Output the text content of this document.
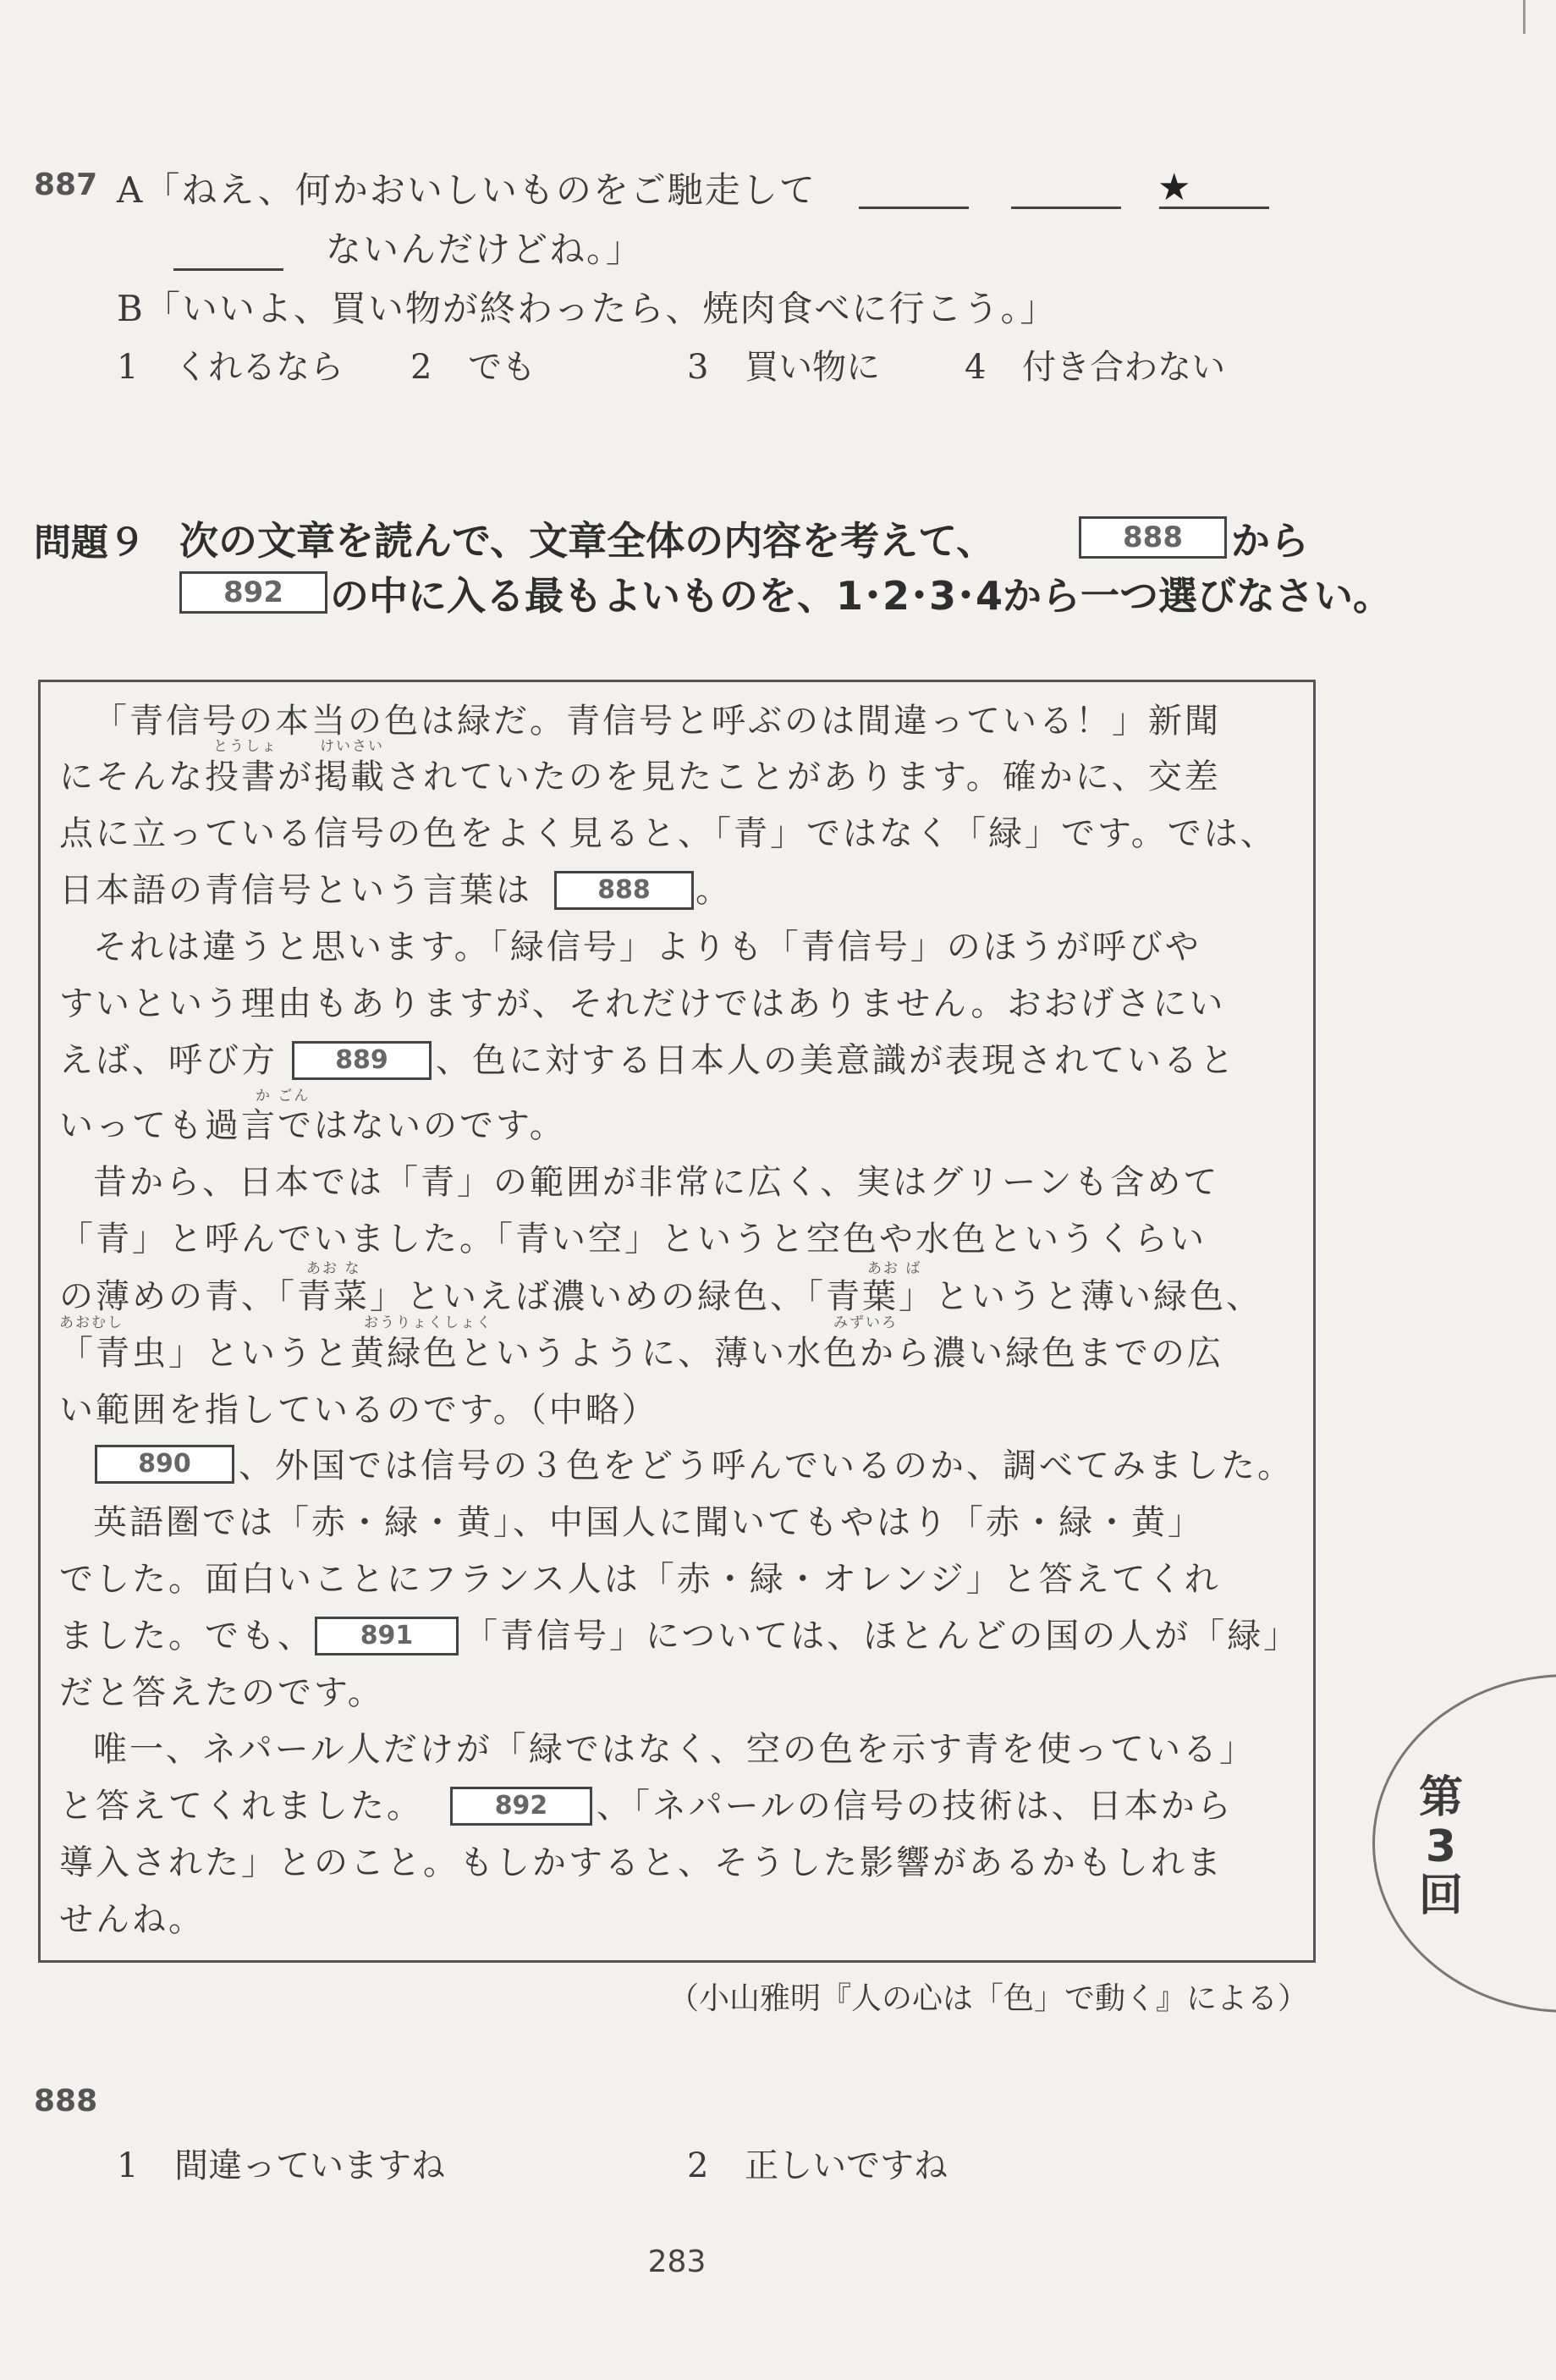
887 A「ねえ、何かおいしいものをご馳走して	★
ないんだけどね。」
B「いいよ、買い物が終わったら、焼肉食べに行こう。」
1 くれるなら 2 でも	3 買い物に 4 付き合わない
問題９ 次の文章を読んで、文章全体の内容を考えて、	888	から
892	の中に入る最もよいものを、1･2･3･4から一つ選びなさい。
とうしょ	けいさい
か ごん
あお な	あお ば
あおむし	おうりょくしょく	みずいろ
「青信号の本当の色は緑だ。青信号と呼ぶのは間違っている！」新聞
にそんな投書が掲載されていたのを見たことがあります。確かに、交差
点に立っている信号の色をよく見ると、「青」ではなく「緑」です。では、
日本語の青信号という言葉は	888	。
それは違うと思います。「緑信号」よりも「青信号」のほうが呼びや
すいという理由もありますが、それだけではありません。おおげさにい
えば、呼び方	889	、色に対する日本人の美意識が表現されていると
いっても過言ではないのです。
昔から、日本では「青」の範囲が非常に広く、実はグリーンも含めて
「青」と呼んでいました。「青い空」というと空色や水色というくらい
の薄めの青、「青菜」といえば濃いめの緑色、「青葉」というと薄い緑色、
「青虫」というと黄緑色というように、薄い水色から濃い緑色までの広
い範囲を指しているのです。（中略）
890	、外国では信号の３色をどう呼んでいるのか、調べてみました。
英語圏では「赤・緑・黄」、中国人に聞いてもやはり「赤・緑・黄」
でした。面白いことにフランス人は「赤・緑・オレンジ」と答えてくれ
ました。でも、	891	「青信号」については、ほとんどの国の人が「緑」
だと答えたのです。
唯一、ネパール人だけが「緑ではなく、空の色を示す青を使っている」
と答えてくれました。	892	、「ネパールの信号の技術は、日本から
導入された」とのこと。もしかすると、そうした影響があるかもしれま
せんね。
（小山雅明『人の心は「色」で動く』による）
888
1 間違っていますね	2 正しいですね
283
第
3
回
